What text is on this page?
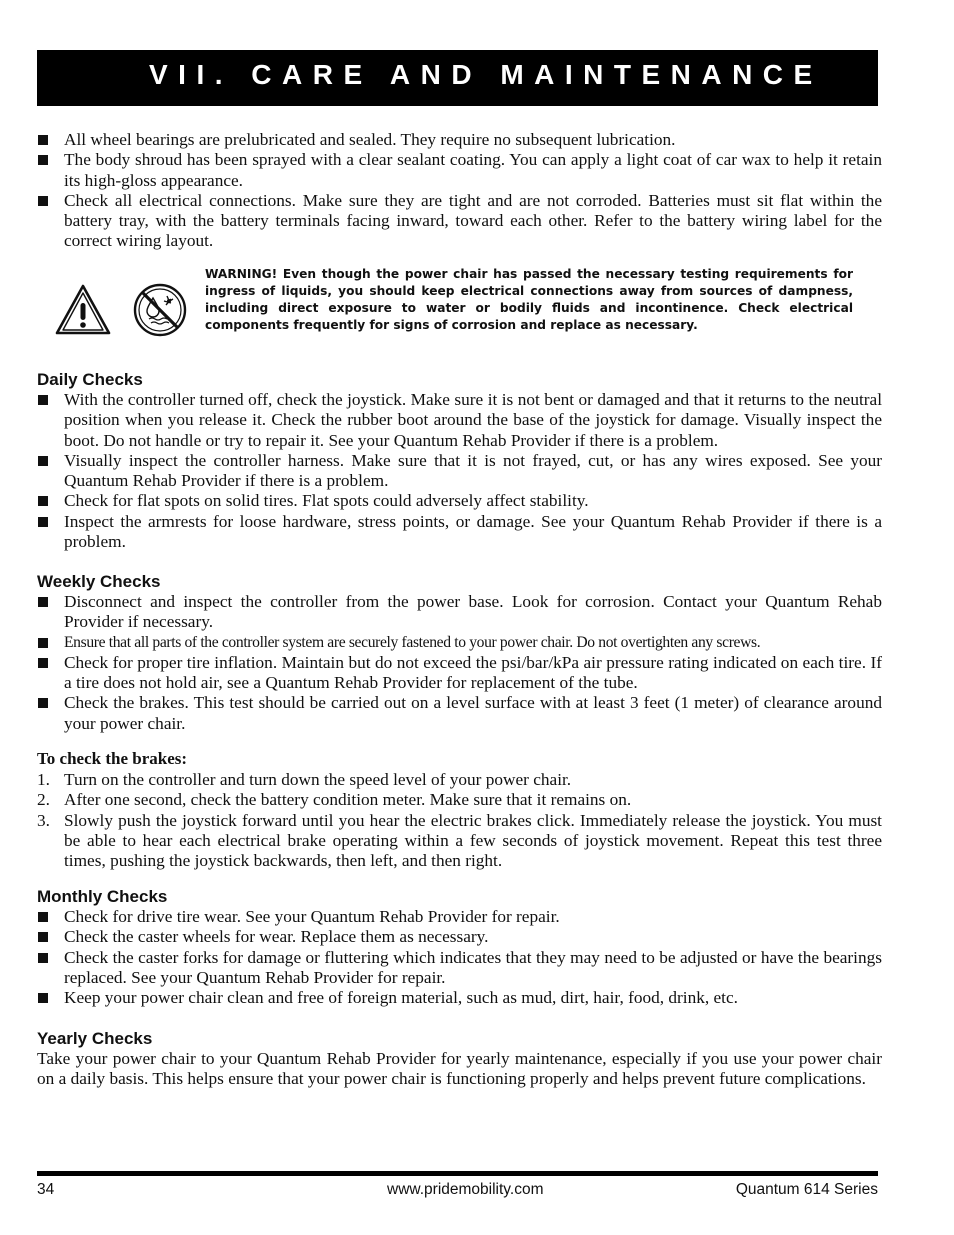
VII. CARE AND MAINTENANCE
All wheel bearings are prelubricated and sealed. They require no subsequent lubrication.
The body shroud has been sprayed with a clear sealant coating. You can apply a light coat of car wax to help it retain its high-gloss appearance.
Check all electrical connections. Make sure they are tight and are not corroded. Batteries must sit flat within the battery tray, with the battery terminals facing inward, toward each other. Refer to the battery wiring label for the correct wiring layout.
WARNING! Even though the power chair has passed the necessary testing requirements for ingress of liquids, you should keep electrical connections away from sources of dampness, including direct exposure to water or bodily fluids and incontinence. Check electrical components frequently for signs of corrosion and replace as necessary.
Daily Checks
With the controller turned off, check the joystick. Make sure it is not bent or damaged and that it returns to the neutral position when you release it. Check the rubber boot around the base of the joystick for damage. Visually inspect the boot. Do not handle or try to repair it. See your Quantum Rehab Provider if there is a problem.
Visually inspect the controller harness. Make sure that it is not frayed, cut, or has any wires exposed. See your Quantum Rehab Provider if there is a problem.
Check for flat spots on solid tires. Flat spots could adversely affect stability.
Inspect the armrests for loose hardware, stress points, or damage. See your Quantum Rehab Provider if there is a problem.
Weekly Checks
Disconnect and inspect the controller from the power base. Look for corrosion. Contact your Quantum Rehab Provider if necessary.
Ensure that all parts of the controller system are securely fastened to your power chair. Do not overtighten any screws.
Check for proper tire inflation. Maintain but do not exceed the psi/bar/kPa air pressure rating indicated on each tire. If a tire does not hold air, see a Quantum Rehab Provider for replacement of the tube.
Check the brakes. This test should be carried out on a level surface with at least 3 feet (1 meter) of clearance around your power chair.
To check the brakes:
1. Turn on the controller and turn down the speed level of your power chair.
2. After one second, check the battery condition meter. Make sure that it remains on.
3. Slowly push the joystick forward until you hear the electric brakes click. Immediately release the joystick. You must be able to hear each electrical brake operating within a few seconds of joystick movement. Repeat this test three times, pushing the joystick backwards, then left, and then right.
Monthly Checks
Check for drive tire wear. See your Quantum Rehab Provider for repair.
Check the caster wheels for wear. Replace them as necessary.
Check the caster forks for damage or fluttering which indicates that they may need to be adjusted or have the bearings replaced. See your Quantum Rehab Provider for repair.
Keep your power chair clean and free of foreign material, such as mud, dirt, hair, food, drink, etc.
Yearly Checks

Take your power chair to your Quantum Rehab Provider for yearly maintenance, especially if you use your power chair on a daily basis. This helps ensure that your power chair is functioning properly and helps prevent future complications.

34	www.pridemobility.com	Quantum 614 Series
